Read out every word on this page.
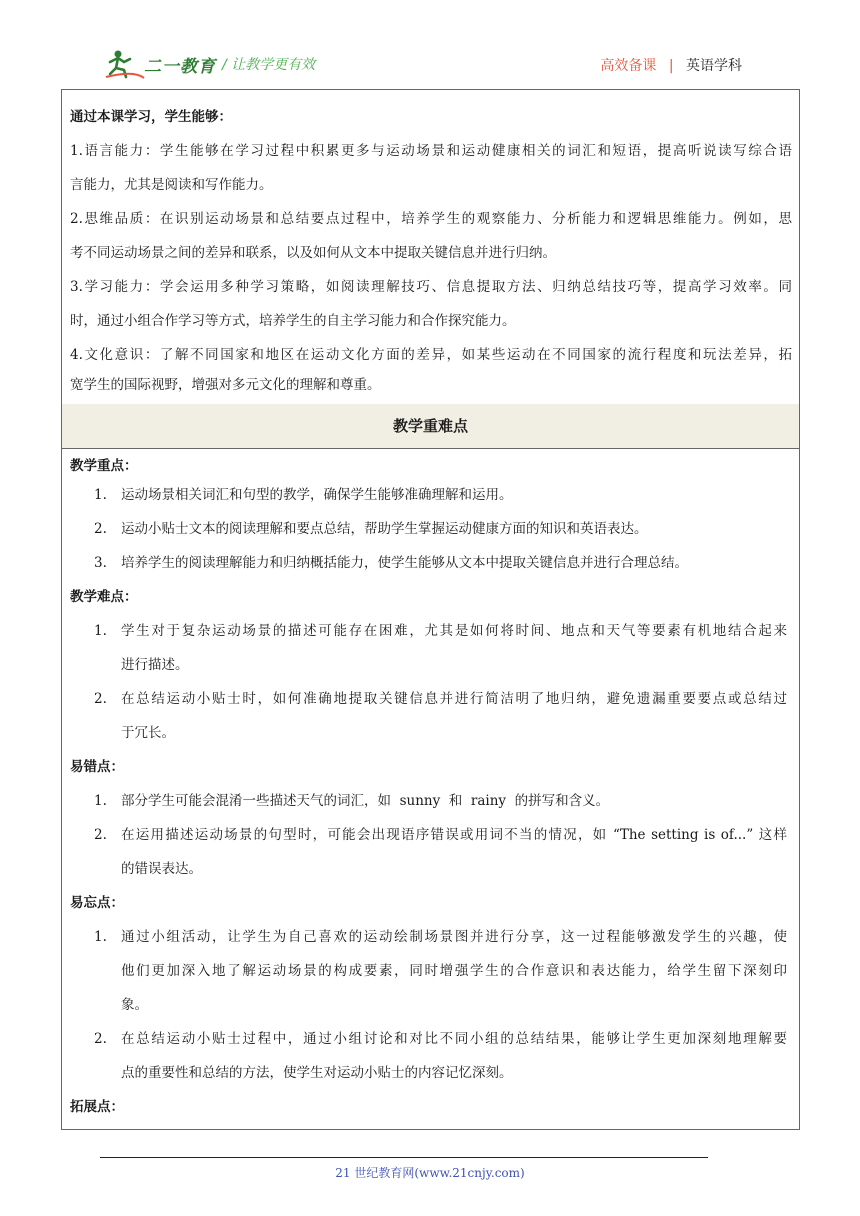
二一教育 / 让教学更有效	高效备课 | 英语学科
通过本课学习，学生能够：
1.语言能力：学生能够在学习过程中积累更多与运动场景和运动健康相关的词汇和短语，提高听说读写综合语
言能力，尤其是阅读和写作能力。
2.思维品质：在识别运动场景和总结要点过程中，培养学生的观察能力、分析能力和逻辑思维能力。例如，思
考不同运动场景之间的差异和联系，以及如何从文本中提取关键信息并进行归纳。
3.学习能力：学会运用多种学习策略，如阅读理解技巧、信息提取方法、归纳总结技巧等，提高学习效率。同
时，通过小组合作学习等方式，培养学生的自主学习能力和合作探究能力。
4.文化意识：了解不同国家和地区在运动文化方面的差异，如某些运动在不同国家的流行程度和玩法差异，拓
宽学生的国际视野，增强对多元文化的理解和尊重。
教学重难点
教学重点：
1. 运动场景相关词汇和句型的教学，确保学生能够准确理解和运用。
2. 运动小贴士文本的阅读理解和要点总结，帮助学生掌握运动健康方面的知识和英语表达。
3. 培养学生的阅读理解能力和归纳概括能力，使学生能够从文本中提取关键信息并进行合理总结。
教学难点：
1. 学生对于复杂运动场景的描述可能存在困难，尤其是如何将时间、地点和天气等要素有机地结合起来
进行描述。
2. 在总结运动小贴士时，如何准确地提取关键信息并进行简洁明了地归纳，避免遗漏重要要点或总结过
于冗长。
易错点：
1. 部分学生可能会混淆一些描述天气的词汇，如  sunny  和  rainy  的拼写和含义。
2. 在运用描述运动场景的句型时，可能会出现语序错误或用词不当的情况，如 “The setting is of...” 这样
的错误表达。
易忘点：
1. 通过小组活动，让学生为自己喜欢的运动绘制场景图并进行分享，这一过程能够激发学生的兴趣，使
他们更加深入地了解运动场景的构成要素，同时增强学生的合作意识和表达能力，给学生留下深刻印
象。
2. 在总结运动小贴士过程中，通过小组讨论和对比不同小组的总结结果，能够让学生更加深刻地理解要
点的重要性和总结的方法，使学生对运动小贴士的内容记忆深刻。
拓展点：
21 世纪教育网(www.21cnjy.com)
